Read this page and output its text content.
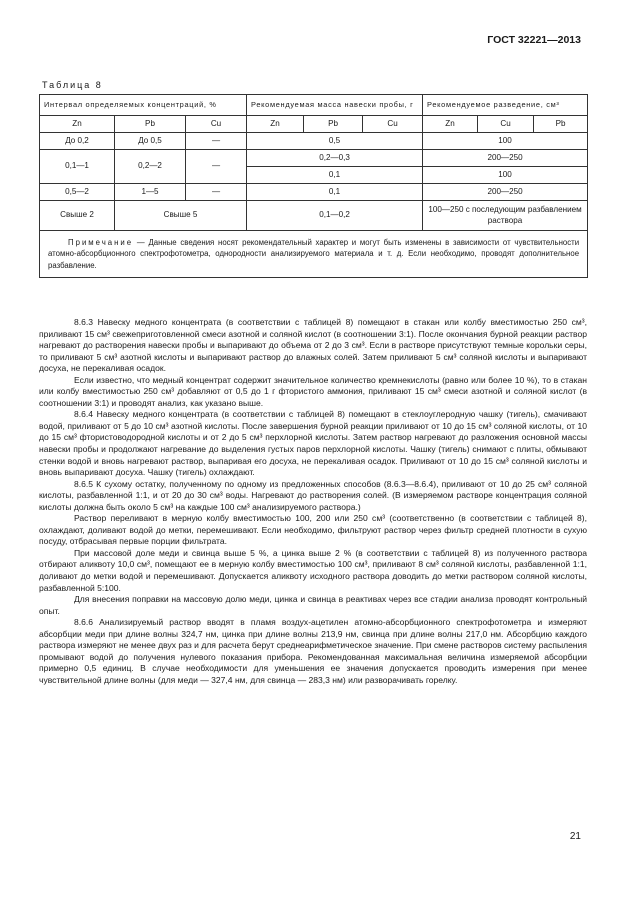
ГОСТ 32221—2013
Таблица 8
Интервал определяемых концентраций, %			Рекомендуемая масса навески пробы, г			Рекомендуемое разведение, см³		
Zn	Pb	Cu	Zn	Pb	Cu	Zn	Cu	Pb
До 0,2	До 0,5	—	0,5			100		
0,1—1	0,2—2	—	0,2—0,3			200—250		
			0,1			100		
0,5—2	1—5	—	0,1			200—250		
Свыше 2	Свыше 5		0,1—0,2			100—250 с последующим разбавлением раствора		
Примечание — Данные сведения носят рекомендательный характер и могут быть изменены в зависимости от чувствительности атомно-абсорбционного спектрофотометра, однородности анализируемого материала и т. д. Если необходимо, проводят дополнительное разбавление.								

8.6.3 Навеску медного концентрата (в соответствии с таблицей 8) помещают в стакан или колбу вместимостью 250 см³, приливают 15 см³ свежеприготовленной смеси азотной и соляной кислот (в соотношении 3:1). После окончания бурной реакции раствор нагревают до растворения навески пробы и выпаривают до объема от 2 до 3 см³. Если в растворе присутствуют темные корольки серы, то приливают 5 см³ азотной кислоты и выпаривают раствор до влажных солей. Затем приливают 5 см³ соляной кислоты и выпаривают досуха, не перекаливая осадок.

Если известно, что медный концентрат содержит значительное количество кремнекислоты (равно или более 10 %), то в стакан или колбу вместимостью 250 см³ добавляют от 0,5 до 1 г фтористого аммония, приливают 15 см³ смеси азотной и соляной кислот (в соотношении 3:1) и проводят анализ, как указано выше.

8.6.4 Навеску медного концентрата (в соответствии с таблицей 8) помещают в стеклоуглеродную чашку (тигель), смачивают водой, приливают от 5 до 10 см³ азотной кислоты. После завершения бурной реакции приливают от 10 до 15 см³ соляной кислоты, от 10 до 15 см³ фтористоводородной кислоты и от 2 до 5 см³ перхлорной кислоты. Затем раствор нагревают до разложения основной массы навески пробы и продолжают нагревание до выделения густых паров перхлорной кислоты. Чашку (тигель) снимают с плиты, обмывают стенки водой и вновь нагревают раствор, выпаривая его досуха, не перекаливая осадок. Приливают от 10 до 15 см³ соляной кислоты и вновь выпаривают досуха. Чашку (тигель) охлаждают.

8.6.5 К сухому остатку, полученному по одному из предложенных способов (8.6.3—8.6.4), приливают от 10 до 25 см³ соляной кислоты, разбавленной 1:1, и от 20 до 30 см³ воды. Нагревают до растворения солей. (В измеряемом растворе концентрация соляной кислоты должна быть около 5 см³ на каждые 100 см³ анализируемого раствора.)

Раствор переливают в мерную колбу вместимостью 100, 200 или 250 см³ (соответственно (в соответствии с таблицей 8), охлаждают, доливают водой до метки, перемешивают. Если необходимо, фильтруют раствор через фильтр средней плотности в сухую посуду, отбрасывая первые порции фильтрата.

При массовой доле меди и свинца выше 5 %, а цинка выше 2 % (в соответствии с таблицей 8) из полученного раствора отбирают аликвоту 10,0 см³, помещают ее в мерную колбу вместимостью 100 см³, приливают 8 см³ соляной кислоты, разбавленной 1:1, доливают до метки водой и перемешивают. Допускается аликвоту исходного раствора доводить до метки раствором соляной кислоты, разбавленной 5:100.

Для внесения поправки на массовую долю меди, цинка и свинца в реактивах через все стадии анализа проводят контрольный опыт.

8.6.6 Анализируемый раствор вводят в пламя воздух-ацетилен атомно-абсорбционного спектрофотометра и измеряют абсорбции меди при длине волны 324,7 нм, цинка при длине волны 213,9 нм, свинца при длине волны 217,0 нм. Абсорбцию каждого раствора измеряют не менее двух раз и для расчета берут среднеарифметическое значение. При смене растворов систему распыления промывают водой до получения нулевого показания прибора. Рекомендованная максимальная величина измеряемой абсорбции примерно 0,5 единиц. В случае необходимости для уменьшения ее значения допускается проводить измерения при менее чувствительной длине волны (для меди — 327,4 нм, для свинца — 283,3 нм) или разворачивать горелку.

21
